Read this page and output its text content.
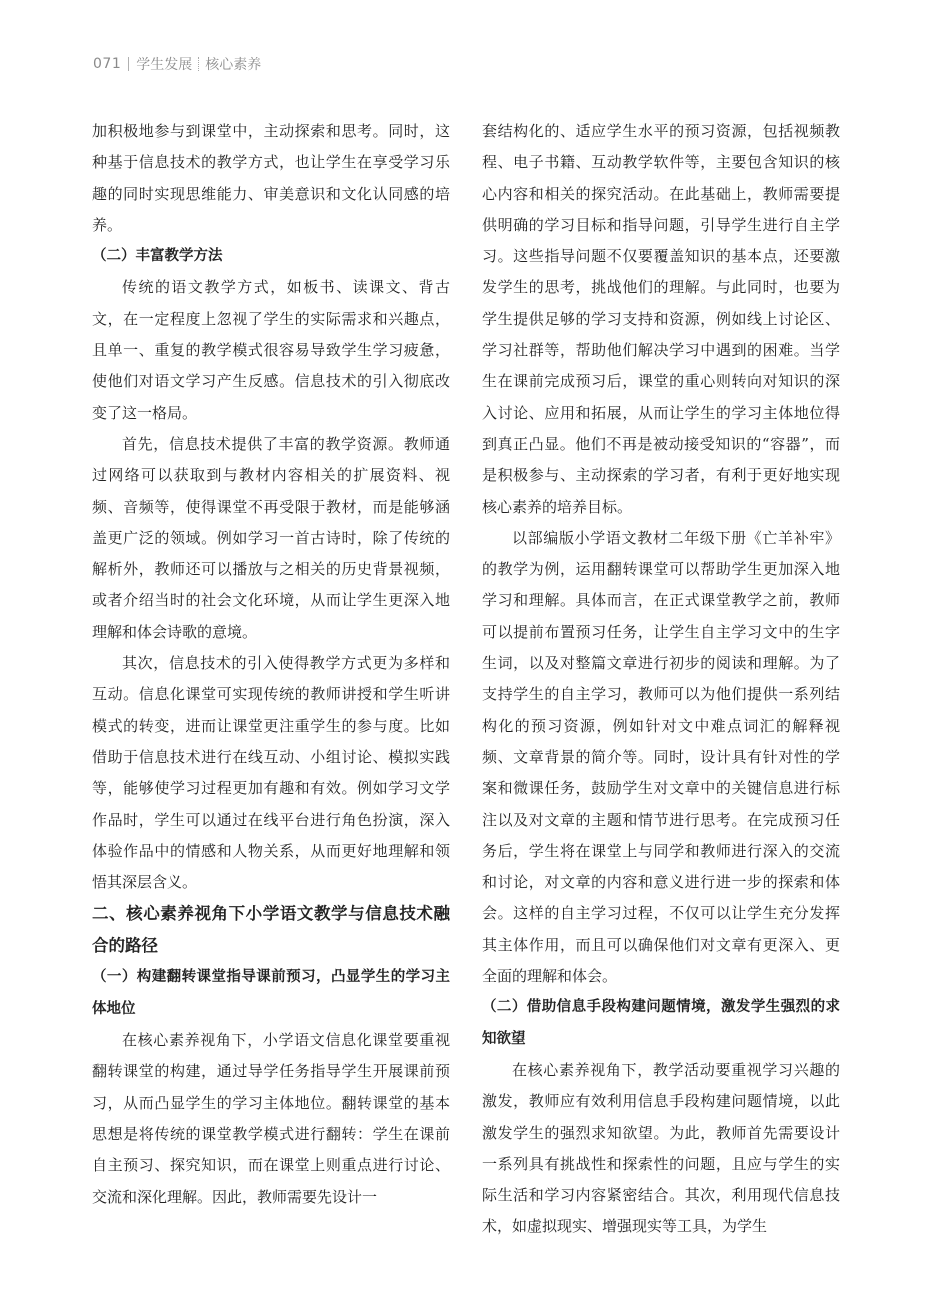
071 学生发展 核心素养

加积极地参与到课堂中，主动探索和思考。同时，这种基于信息技术的教学方式，也让学生在享受学习乐趣的同时实现思维能力、审美意识和文化认同感的培养。

（二）丰富教学方法

传统的语文教学方式，如板书、读课文、背古文，在一定程度上忽视了学生的实际需求和兴趣点，且单一、重复的教学模式很容易导致学生学习疲惫，使他们对语文学习产生反感。信息技术的引入彻底改变了这一格局。

首先，信息技术提供了丰富的教学资源。教师通过网络可以获取到与教材内容相关的扩展资料、视频、音频等，使得课堂不再受限于教材，而是能够涵盖更广泛的领域。例如学习一首古诗时，除了传统的解析外，教师还可以播放与之相关的历史背景视频，或者介绍当时的社会文化环境，从而让学生更深入地理解和体会诗歌的意境。

其次，信息技术的引入使得教学方式更为多样和互动。信息化课堂可实现传统的教师讲授和学生听讲模式的转变，进而让课堂更注重学生的参与度。比如借助于信息技术进行在线互动、小组讨论、模拟实践等，能够使学习过程更加有趣和有效。例如学习文学作品时，学生可以通过在线平台进行角色扮演，深入体验作品中的情感和人物关系，从而更好地理解和领悟其深层含义。

二、核心素养视角下小学语文教学与信息技术融合的路径

（一）构建翻转课堂指导课前预习，凸显学生的学习主体地位

在核心素养视角下，小学语文信息化课堂要重视翻转课堂的构建，通过导学任务指导学生开展课前预习，从而凸显学生的学习主体地位。翻转课堂的基本思想是将传统的课堂教学模式进行翻转：学生在课前自主预习、探究知识，而在课堂上则重点进行讨论、交流和深化理解。因此，教师需要先设计一

套结构化的、适应学生水平的预习资源，包括视频教程、电子书籍、互动教学软件等，主要包含知识的核心内容和相关的探究活动。在此基础上，教师需要提供明确的学习目标和指导问题，引导学生进行自主学习。这些指导问题不仅要覆盖知识的基本点，还要激发学生的思考，挑战他们的理解。与此同时，也要为学生提供足够的学习支持和资源，例如线上讨论区、学习社群等，帮助他们解决学习中遇到的困难。当学生在课前完成预习后，课堂的重心则转向对知识的深入讨论、应用和拓展，从而让学生的学习主体地位得到真正凸显。他们不再是被动接受知识的“容器”，而是积极参与、主动探索的学习者，有利于更好地实现核心素养的培养目标。

以部编版小学语文教材二年级下册《亡羊补牢》的教学为例，运用翻转课堂可以帮助学生更加深入地学习和理解。具体而言，在正式课堂教学之前，教师可以提前布置预习任务，让学生自主学习文中的生字生词，以及对整篇文章进行初步的阅读和理解。为了支持学生的自主学习，教师可以为他们提供一系列结构化的预习资源，例如针对文中难点词汇的解释视频、文章背景的简介等。同时，设计具有针对性的学案和微课任务，鼓励学生对文章中的关键信息进行标注以及对文章的主题和情节进行思考。在完成预习任务后，学生将在课堂上与同学和教师进行深入的交流和讨论，对文章的内容和意义进行进一步的探索和体会。这样的自主学习过程，不仅可以让学生充分发挥其主体作用，而且可以确保他们对文章有更深入、更全面的理解和体会。

（二）借助信息手段构建问题情境，激发学生强烈的求知欲望

在核心素养视角下，教学活动要重视学习兴趣的激发，教师应有效利用信息手段构建问题情境，以此激发学生的强烈求知欲望。为此，教师首先需要设计一系列具有挑战性和探索性的问题，且应与学生的实际生活和学习内容紧密结合。其次，利用现代信息技术，如虚拟现实、增强现实等工具，为学生
